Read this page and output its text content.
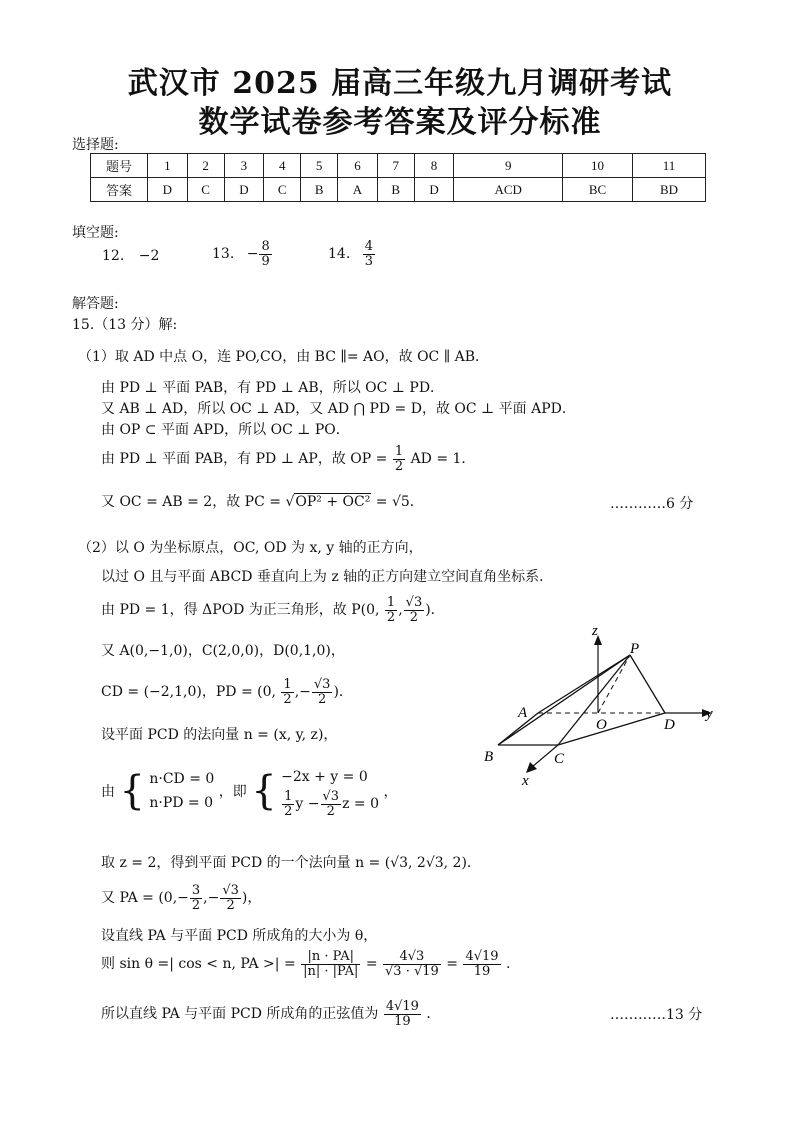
武汉市 2025 届高三年级九月调研考试
数学试卷参考答案及评分标准
选择题:
题号	1	2	3	4	5	6	7	8	9	10	11
答案	D	C	D	C	B	A	B	D	ACD	BC	BD
填空题:
12. −2	13. − $\frac{8}{9}$	14. $\frac{4}{3}$
解答题:
15.（13 分）解:
（1）取 AD 中点 O，连 PO,CO，由 BC ∥= AO，故 OC ∥ AB．
由 PD ⊥ 平面 PAB，有 PD ⊥ AB，所以 OC ⊥ PD．
又 AB ⊥ AD，所以 OC ⊥ AD，又 AD ⋂ PD = D，故 OC ⊥ 平面 APD．
由 OP ⊂ 平面 APD，所以 OC ⊥ PO．
由 PD ⊥ 平面 PAB，有 PD ⊥ AP，故 OP = $\frac{1}{2}$ AD = 1．
又 OC = AB = 2，故 PC = √OP² + OC² = √5．	…………6 分
（2）以 O 为坐标原点，OC, OD 为 x, y 轴的正方向，
以过 O 且与平面 ABCD 垂直向上为 z 轴的正方向建立空间直角坐标系．
由 PD = 1，得 ΔPOD 为正三角形，故 P(0, $\frac{1}{2}$ , $\frac{√3}{2}$ )．
又 A(0,−1,0)，C(2,0,0)，D(0,1,0)，
CD = (−2,1,0)，PD = (0, $\frac{1}{2}$ ,− $\frac{√3}{2}$ )．
设平面 PCD 的法向量 n = (x, y, z)，
由 { n·CD = 0
n·PD = 0
，即 { −2x + y = 0
$\frac{1}{2}$ $y - \frac{√3}{2}$ z = 0
，
取 z = 2，得到平面 PCD 的一个法向量 n = (√3, 2√3, 2)．
又 PA = ($0,- \frac{3}{2}$ ,− $\frac{√3}{2}$ )，
设直线 PA 与平面 PCD 所成角的大小为 θ，
则 sin θ =| cos < n, PA >| = $\frac{|n \cdot PA|}{|n| \cdot |PA|} = \frac{4√3}{√3 \cdot √19} = \frac{4√19}{19}$ .
所以直线 PA 与平面 PCD 所成角的正弦值为 $\frac{4√19}{19}$ ．	…………13 分
z
P
A
O	D
y
B	C
x
